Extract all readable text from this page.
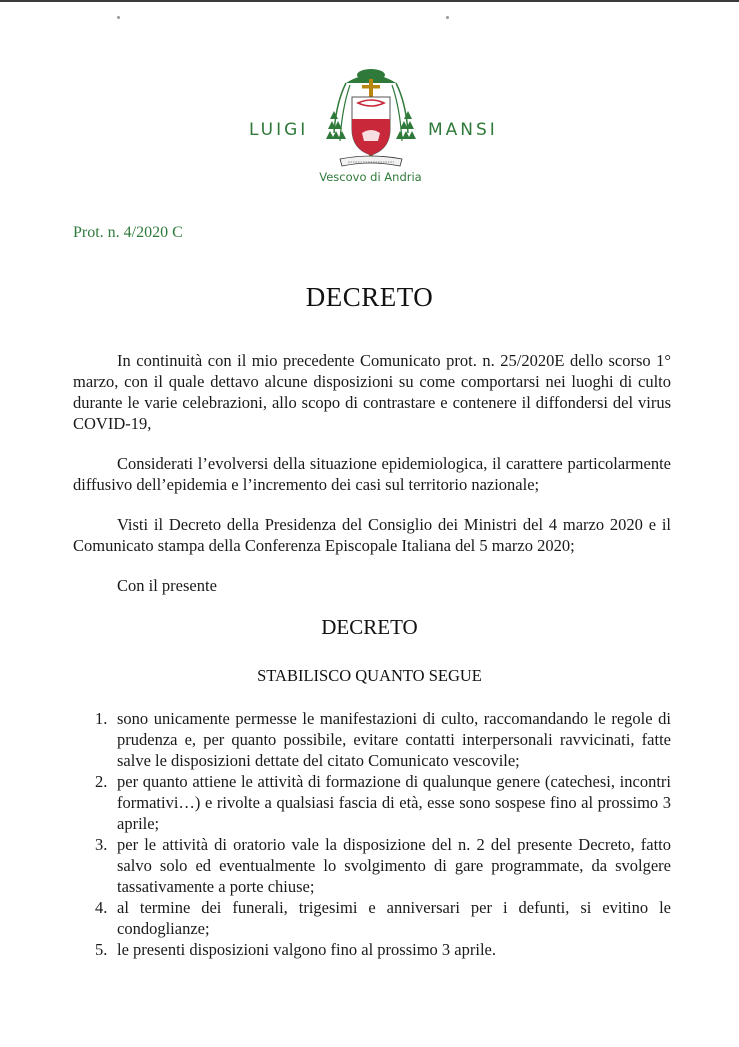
LUIGI	MANSI
Vescovo di Andria
Prot. n. 4/2020 C
DECRETO

In continuità con il mio precedente Comunicato prot. n. 25/2020E dello scorso 1° marzo, con il quale dettavo alcune disposizioni su come comportarsi nei luoghi di culto durante le varie celebrazioni, allo scopo di contrastare e contenere il diffondersi del virus COVID-19,

Considerati l’evolversi della situazione epidemiologica, il carattere particolarmente diffusivo dell’epidemia e l’incremento dei casi sul territorio nazionale;

Visti il Decreto della Presidenza del Consiglio dei Ministri del 4 marzo 2020 e il Comunicato stampa della Conferenza Episcopale Italiana del 5 marzo 2020;

Con il presente

DECRETO
STABILISCO QUANTO SEGUE
1. sono unicamente permesse le manifestazioni di culto, raccomandando le regole di prudenza e, per quanto possibile, evitare contatti interpersonali ravvicinati, fatte salve le disposizioni dettate del citato Comunicato vescovile;
2. per quanto attiene le attività di formazione di qualunque genere (catechesi, incontri formativi…) e rivolte a qualsiasi fascia di età, esse sono sospese fino al prossimo 3 aprile;
3. per le attività di oratorio vale la disposizione del n. 2 del presente Decreto, fatto salvo solo ed eventualmente lo svolgimento di gare programmate, da svolgere tassativamente a porte chiuse;
4. al termine dei funerali, trigesimi e anniversari per i defunti, si evitino le condoglianze;
5. le presenti disposizioni valgono fino al prossimo 3 aprile.
